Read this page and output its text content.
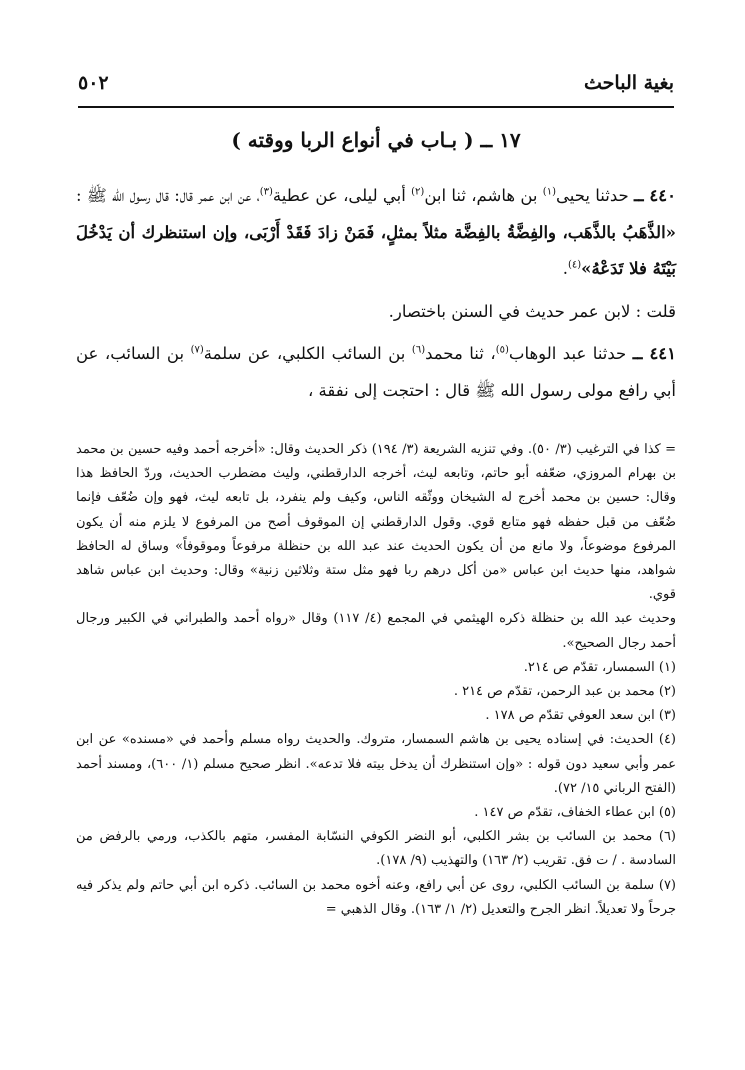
بغية الباحث
٥٠٢
١٧ ــ ( بـاب في أنواع الربا ووقته )

٤٤٠ ــ حدثنا يحيى$^{(١)}$ بن هاشم، ثنا ابن$^{(٢)}$ أبي ليلى، عن عطية$^{(٣)}$، عن ابن عمر قال: قال رسول الله ﷺ : «الذَّهَبُ بالذَّهَب، والفِضَّةُ بالفِضَّة مثلاً بمثلٍ، فَمَنْ زادَ فَقَدْ أَرْبَى، وإن استنظرك أن يَدْخُلَ بَيْتَهُ فلا تَدَعْهُ»$^{(٤)}$.

قلت : لابن عمر حديث في السنن باختصار.

٤٤١ ــ حدثنا عبد الوهاب$^{(٥)}$، ثنا محمد$^{(٦)}$ بن السائب الكلبي، عن سلمة$^{(٧)}$ بن السائب، عن أبي رافع مولى رسول الله ﷺ قال : احتجت إلى نفقة ،

= كذا في الترغيب (٣/ ٥٠). وفي تنزيه الشريعة (٣/ ١٩٤) ذكر الحديث وقال: «أخرجه أحمد وفيه حسين بن محمد بن بهرام المروزي، ضعّفه أبو حاتم، وتابعه ليث، أخرجه الدارقطني، وليث مضطرب الحديث، وردّ الحافظ هذا وقال: حسين بن محمد أخرج له الشيخان ووثّقه الناس، وكيف ولم ينفرد، بل تابعه ليث، فهو وإن ضُعّف فإنما ضُعّف من قبل حفظه فهو متابع قوي. وقول الدارقطني إن الموقوف أصح من المرفوع لا يلزم منه أن يكون المرفوع موضوعاً، ولا مانع من أن يكون الحديث عند عبد الله بن حنظلة مرفوعاً وموقوفاً» وساق له الحافظ شواهد، منها حديث ابن عباس «من أكل درهم ربا فهو مثل ستة وثلاثين زنية» وقال: وحديث ابن عباس شاهد قوي.

وحديث عبد الله بن حنظلة ذكره الهيثمي في المجمع (٤/ ١١٧) وقال «رواه أحمد والطبراني في الكبير ورجال أحمد رجال الصحيح».

(١) السمسار، تقدّم ص ٢١٤.

(٢) محمد بن عبد الرحمن، تقدّم ص ٢١٤ .

(٣) ابن سعد العوفي تقدّم ص ١٧٨ .

(٤) الحديث: في إسناده يحيى بن هاشم السمسار، متروك. والحديث رواه مسلم وأحمد في «مسنده» عن ابن عمر وأبي سعيد دون قوله : «وإن استنظرك أن يدخل بيته فلا تدعه». انظر صحيح مسلم (١/ ٦٠٠)، ومسند أحمد (الفتح الرباني ١٥/ ٧٢).

(٥) ابن عطاء الخفاف، تقدّم ص ١٤٧ .

(٦) محمد بن السائب بن بشر الكلبي، أبو النضر الكوفي النسّابة المفسر، متهم بالكذب، ورمي بالرفض من السادسة . / ت فق. تقريب (٢/ ١٦٣) والتهذيب (٩/ ١٧٨).

(٧) سلمة بن السائب الكلبي، روى عن أبي رافع، وعنه أخوه محمد بن السائب. ذكره ابن أبي حاتم ولم يذكر فيه جرحاً ولا تعديلاً. انظر الجرح والتعديل (٢/ ١/ ١٦٣). وقال الذهبي =
